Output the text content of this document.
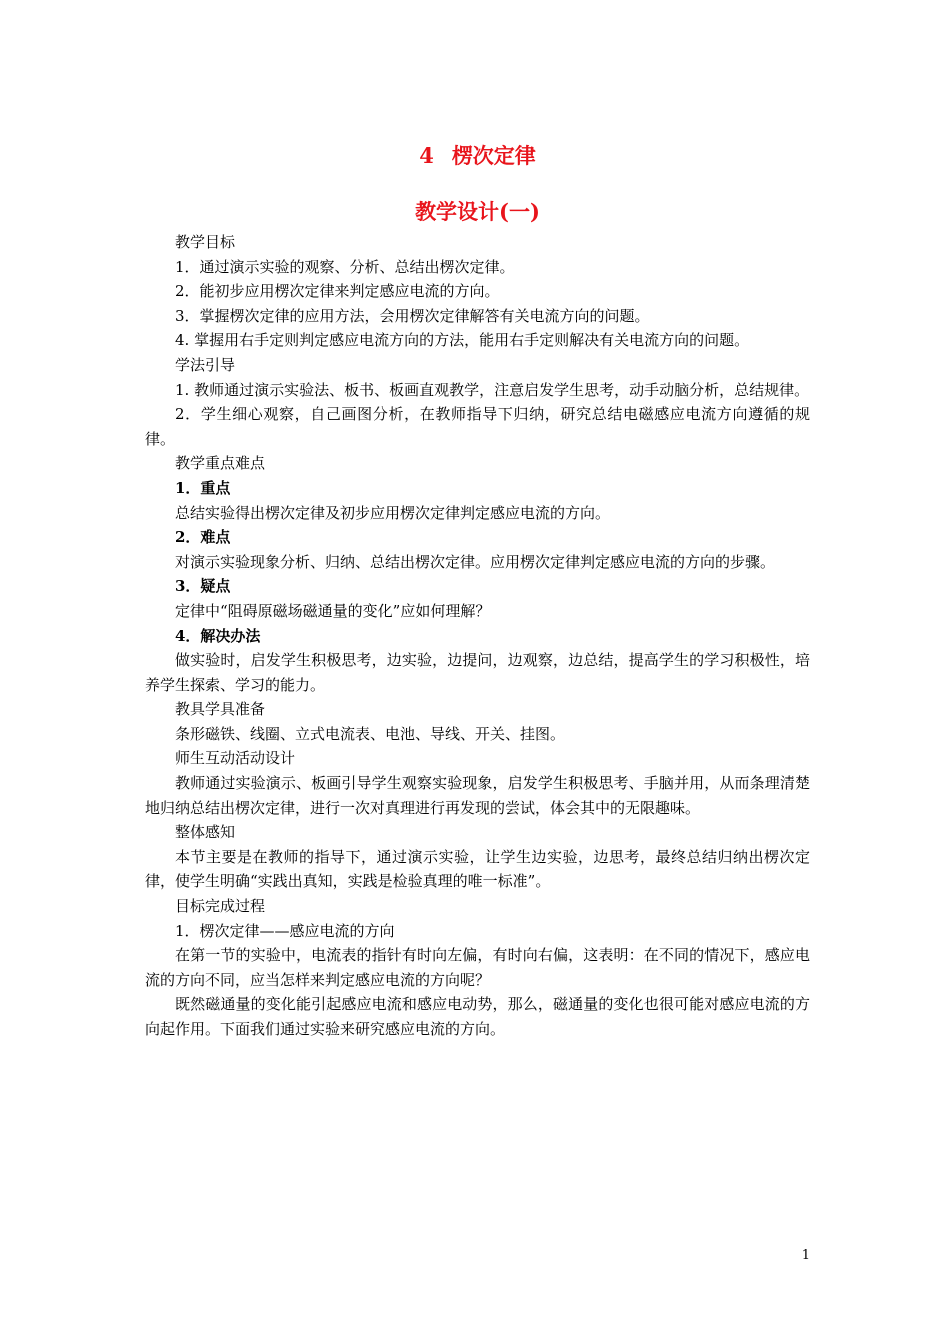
4 楞次定律
教学设计(一)

教学目标

1．通过演示实验的观察、分析、总结出楞次定律。

2．能初步应用楞次定律来判定感应电流的方向。

3．掌握楞次定律的应用方法，会用楞次定律解答有关电流方向的问题。

4. 掌握用右手定则判定感应电流方向的方法，能用右手定则解决有关电流方向的问题。

学法引导

1. 教师通过演示实验法、板书、板画直观教学，注意启发学生思考，动手动脑分析，总结规律。

2．学生细心观察，自己画图分析，在教师指导下归纳，研究总结电磁感应电流方向遵循的规律。

教学重点难点

1．重点

总结实验得出楞次定律及初步应用楞次定律判定感应电流的方向。

2．难点

对演示实验现象分析、归纳、总结出楞次定律。应用楞次定律判定感应电流的方向的步骤。

3．疑点

定律中“阻碍原磁场磁通量的变化”应如何理解？

4．解决办法

做实验时，启发学生积极思考，边实验，边提问，边观察，边总结，提高学生的学习积极性，培养学生探索、学习的能力。

教具学具准备

条形磁铁、线圈、立式电流表、电池、导线、开关、挂图。

师生互动活动设计

教师通过实验演示、板画引导学生观察实验现象，启发学生积极思考、手脑并用，从而条理清楚地归纳总结出楞次定律，进行一次对真理进行再发现的尝试，体会其中的无限趣味。

整体感知

本节主要是在教师的指导下，通过演示实验，让学生边实验，边思考，最终总结归纳出楞次定律，使学生明确“实践出真知，实践是检验真理的唯一标准”。

目标完成过程

1．楞次定律——感应电流的方向

在第一节的实验中，电流表的指针有时向左偏，有时向右偏，这表明：在不同的情况下，感应电流的方向不同，应当怎样来判定感应电流的方向呢？

既然磁通量的变化能引起感应电流和感应电动势，那么，磁通量的变化也很可能对感应电流的方向起作用。下面我们通过实验来研究感应电流的方向。

1
